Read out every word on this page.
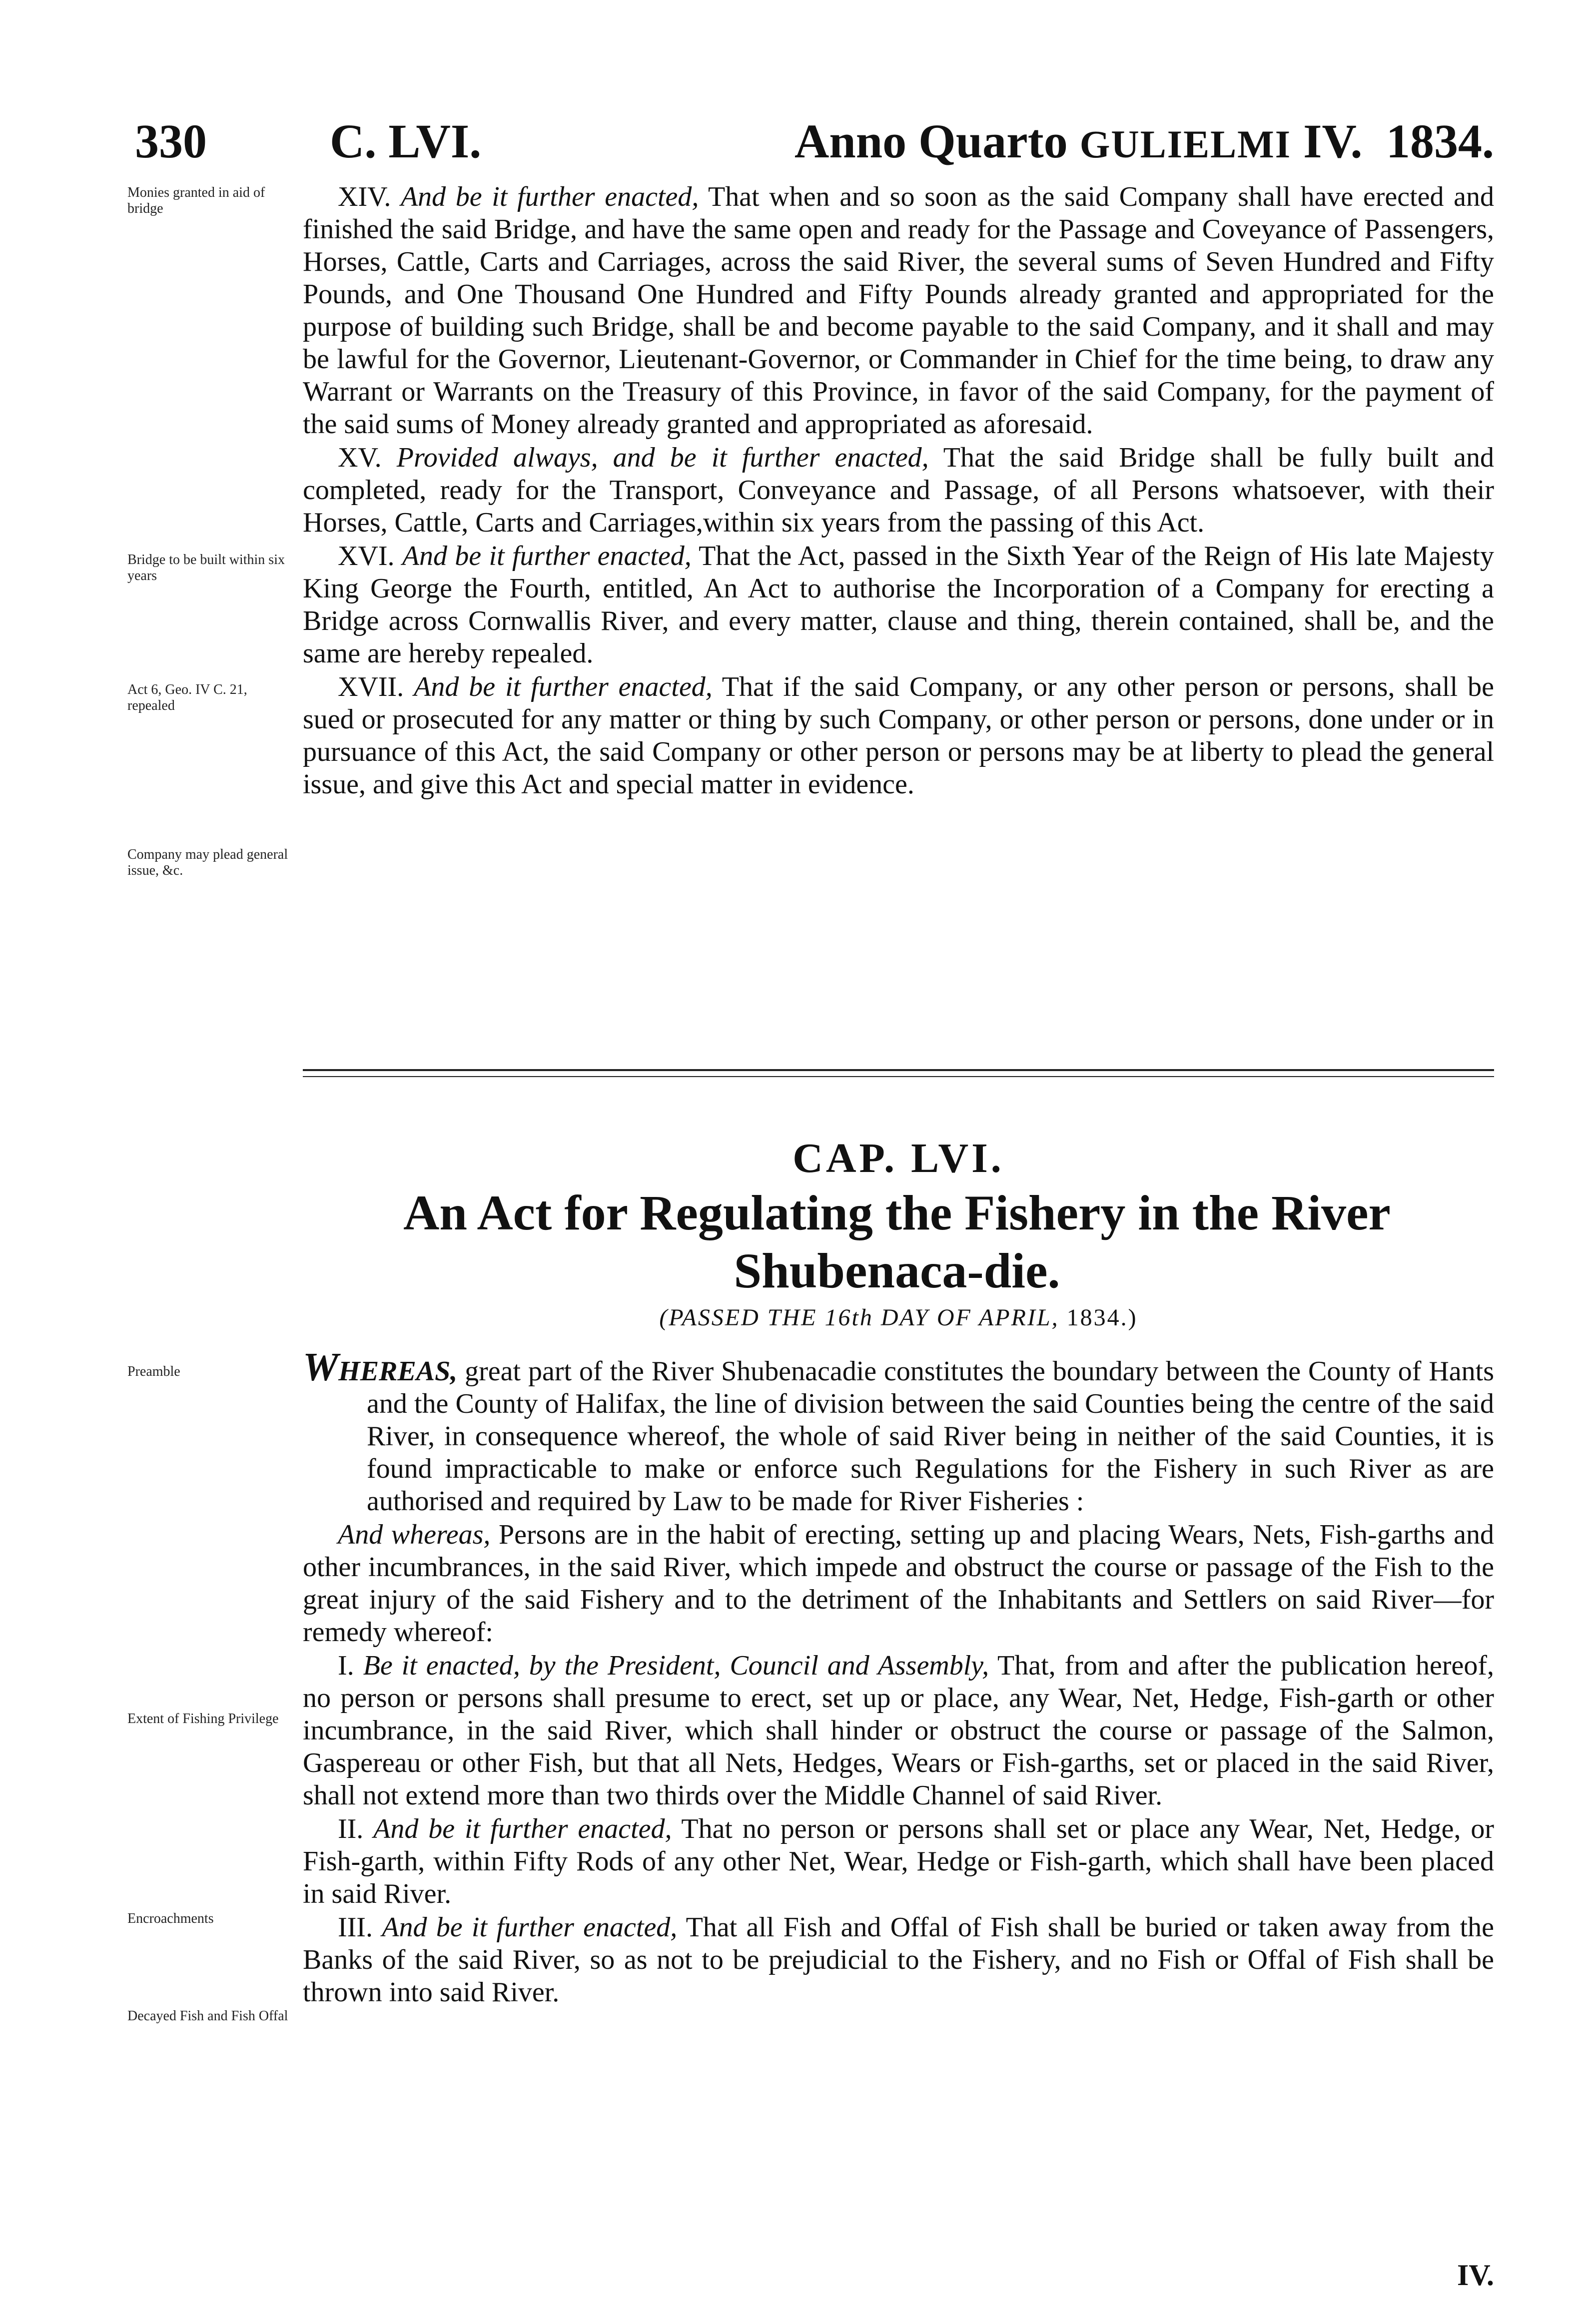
330	C. LVI.	Anno Quarto GULIELMI IV. 1834.
Monies granted in aid of bridge
Bridge to be built within six years
Act 6, Geo. IV C. 21, repealed
Company may plead general issue, &c.
Preamble
Extent of Fishing Privilege
Encroachments
Decayed Fish and Fish Offal

XIV. And be it further enacted, That when and so soon as the said Company shall have erected and finished the said Bridge, and have the same open and ready for the Passage and Coveyance of Passengers, Horses, Cattle, Carts and Carriages, across the said River, the several sums of Seven Hundred and Fifty Pounds, and One Thousand One Hundred and Fifty Pounds already granted and appropriated for the purpose of building such Bridge, shall be and become payable to the said Company, and it shall and may be lawful for the Governor, Lieutenant-Governor, or Commander in Chief for the time being, to draw any Warrant or Warrants on the Treasury of this Province, in favor of the said Company, for the payment of the said sums of Money already granted and appropriated as aforesaid.

XV. Provided always, and be it further enacted, That the said Bridge shall be fully built and completed, ready for the Transport, Conveyance and Passage, of all Persons whatsoever, with their Horses, Cattle, Carts and Carriages,within six years from the passing of this Act.

XVI. And be it further enacted, That the Act, passed in the Sixth Year of the Reign of His late Majesty King George the Fourth, entitled, An Act to authorise the Incorporation of a Company for erecting a Bridge across Cornwallis River, and every matter, clause and thing, therein contained, shall be, and the same are hereby repealed.

XVII. And be it further enacted, That if the said Company, or any other person or persons, shall be sued or prosecuted for any matter or thing by such Company, or other person or persons, done under or in pursuance of this Act, the said Company or other person or persons may be at liberty to plead the general issue, and give this Act and special matter in evidence.

CAP. LVI.
An Act for Regulating the Fishery in the River Shubenaca-die.
(PASSED THE 16th DAY OF APRIL, 1834.)

WHEREAS, great part of the River Shubenacadie constitutes the boundary between the County of Hants and the County of Halifax, the line of division between the said Counties being the centre of the said River, in consequence whereof, the whole of said River being in neither of the said Counties, it is found impracticable to make or enforce such Regulations for the Fishery in such River as are authorised and required by Law to be made for River Fisheries :

And whereas, Persons are in the habit of erecting, setting up and placing Wears, Nets, Fish-garths and other incumbrances, in the said River, which impede and obstruct the course or passage of the Fish to the great injury of the said Fishery and to the detriment of the Inhabitants and Settlers on said River—for remedy whereof:

I. Be it enacted, by the President, Council and Assembly, That, from and after the publication hereof, no person or persons shall presume to erect, set up or place, any Wear, Net, Hedge, Fish-garth or other incumbrance, in the said River, which shall hinder or obstruct the course or passage of the Salmon, Gaspereau or other Fish, but that all Nets, Hedges, Wears or Fish-garths, set or placed in the said River, shall not extend more than two thirds over the Middle Channel of said River.

II. And be it further enacted, That no person or persons shall set or place any Wear, Net, Hedge, or Fish-garth, within Fifty Rods of any other Net, Wear, Hedge or Fish-garth, which shall have been placed in said River.

III. And be it further enacted, That all Fish and Offal of Fish shall be buried or taken away from the Banks of the said River, so as not to be prejudicial to the Fishery, and no Fish or Offal of Fish shall be thrown into said River.

IV.
